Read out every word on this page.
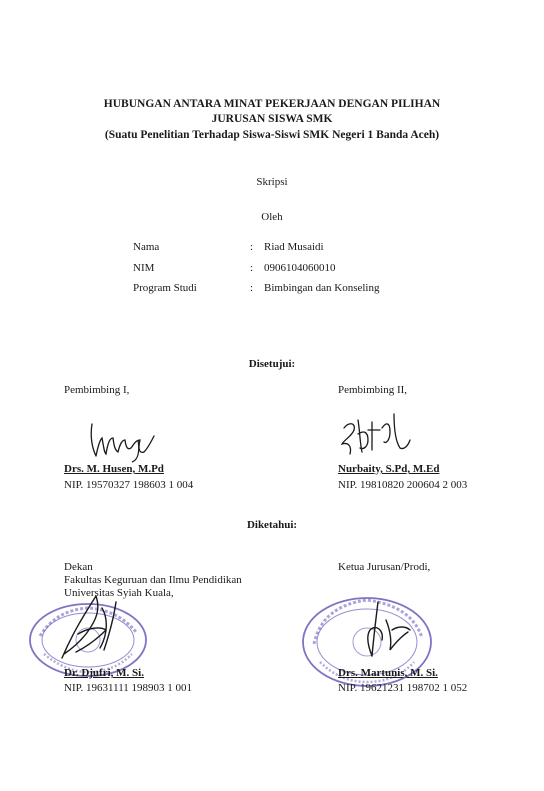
HUBUNGAN ANTARA MINAT PEKERJAAN DENGAN PILIHAN
JURUSAN SISWA SMK
(Suatu Penelitian Terhadap Siswa-Siswi SMK Negeri 1 Banda Aceh)
Skripsi
Oleh
Nama	: Riad Musaidi
NIM	: 0906104060010
Program Studi	: Bimbingan dan Konseling
Disetujui:
Pembimbing I,	Pembimbing II,
Drs. M. Husen, M.Pd
NIP. 19570327 198603 1 004
Nurbaity, S.Pd, M.Ed
NIP. 19810820 200604 2 003
Diketahui:
Dekan
Fakultas Keguruan dan Ilmu Pendidikan
Universitas Syiah Kuala,
Ketua Jurusan/Prodi,
Dr. Djufri, M. Si.
NIP. 19631111 198903 1 001
Drs. Martunis, M. Si.
NIP. 19621231 198702 1 052
